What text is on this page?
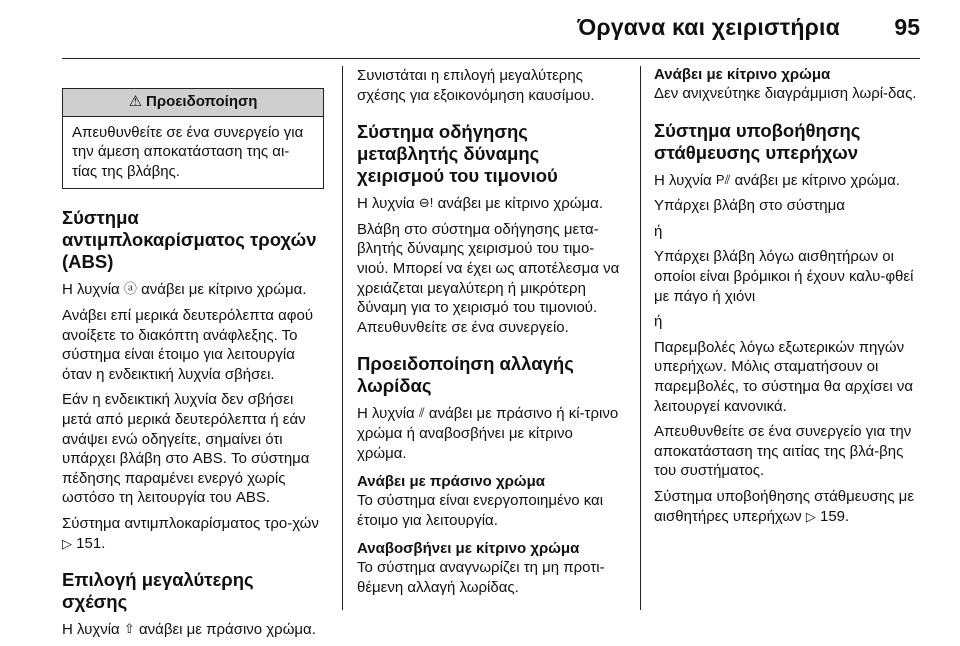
Όργανα και χειριστήρια 95
⚠ Προειδοποίηση
Απευθυνθείτε σε ένα συνεργείο για την άμεση αποκατάσταση της αι-τίας της βλάβης.
Σύστημα αντιμπλοκαρίσματος τροχών (ABS)

Η λυχνία ⓐ ανάβει με κίτρινο χρώμα.

Ανάβει επί μερικά δευτερόλεπτα αφού ανοίξετε το διακόπτη ανάφλεξης. Το σύστημα είναι έτοιμο για λειτουργία όταν η ενδεικτική λυχνία σβήσει.

Εάν η ενδεικτική λυχνία δεν σβήσει μετά από μερικά δευτερόλεπτα ή εάν ανάψει ενώ οδηγείτε, σημαίνει ότι υπάρχει βλάβη στο ABS. Το σύστημα πέδησης παραμένει ενεργό χωρίς ωστόσο τη λειτουργία του ABS.

Σύστημα αντιμπλοκαρίσματος τρο-χών ▷ 151.

Επιλογή μεγαλύτερης σχέσης

Η λυχνία ⇧ ανάβει με πράσινο χρώμα.

Συνιστάται η επιλογή μεγαλύτερης σχέσης για εξοικονόμηση καυσίμου.

Σύστημα οδήγησης μεταβλητής δύναμης χειρισμού του τιμονιού

Η λυχνία ⊖! ανάβει με κίτρινο χρώμα.

Βλάβη στο σύστημα οδήγησης μετα-βλητής δύναμης χειρισμού του τιμο-νιού. Μπορεί να έχει ως αποτέλεσμα να χρειάζεται μεγαλύτερη ή μικρότερη δύναμη για το χειρισμό του τιμονιού. Απευθυνθείτε σε ένα συνεργείο.

Προειδοποίηση αλλαγής λωρίδας

Η λυχνία ⫽ ανάβει με πράσινο ή κί-τρινο χρώμα ή αναβοσβήνει με κίτρινο χρώμα.

Ανάβει με πράσινο χρώμα

Το σύστημα είναι ενεργοποιημένο και έτοιμο για λειτουργία.

Αναβοσβήνει με κίτρινο χρώμα

Το σύστημα αναγνωρίζει τη μη προτι-θέμενη αλλαγή λωρίδας.

Ανάβει με κίτρινο χρώμα

Δεν ανιχνεύτηκε διαγράμμιση λωρί-δας.

Σύστημα υποβοήθησης στάθμευσης υπερήχων

Η λυχνία P⫽ ανάβει με κίτρινο χρώμα.

Υπάρχει βλάβη στο σύστημα

ή

Υπάρχει βλάβη λόγω αισθητήρων οι οποίοι είναι βρόμικοι ή έχουν καλυ-φθεί με πάγο ή χιόνι

ή

Παρεμβολές λόγω εξωτερικών πηγών υπερήχων. Μόλις σταματήσουν οι παρεμβολές, το σύστημα θα αρχίσει να λειτουργεί κανονικά.

Απευθυνθείτε σε ένα συνεργείο για την αποκατάσταση της αιτίας της βλά-βης του συστήματος.

Σύστημα υποβοήθησης στάθμευσης με αισθητήρες υπερήχων ▷ 159.
